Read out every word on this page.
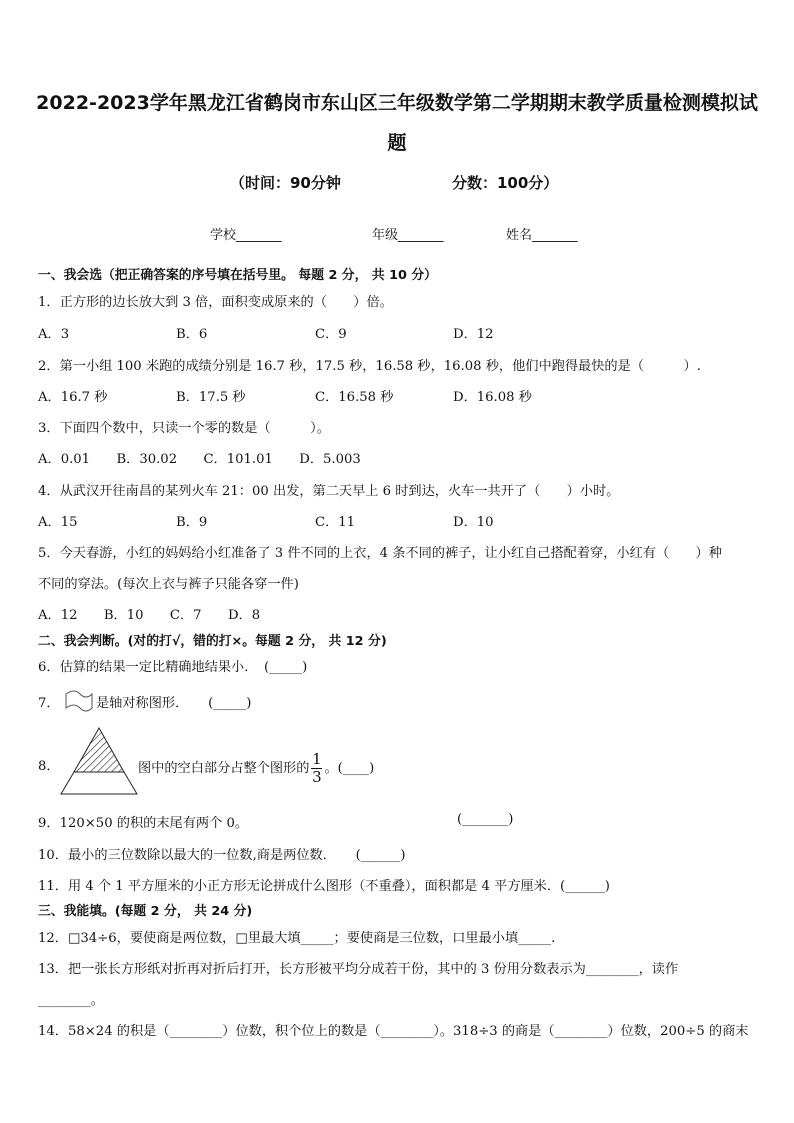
2022-2023学年黑龙江省鹤岗市东山区三年级数学第二学期期末教学质量检测模拟试
题
（时间：90分钟	分数：100分）
学校_______	年级_______	姓名_______
一、我会选（把正确答案的序号填在括号里。 每题 2 分， 共 10 分）
1．正方形的边长放大到 3 倍，面积变成原来的（　　）倍。
A．3	B．6	C．9	D．12
2．第一小组 100 米跑的成绩分别是 16.7 秒，17.5 秒，16.58 秒，16.08 秒，他们中跑得最快的是（　　　）.
A．16.7 秒	B．17.5 秒	C．16.58 秒	D．16.08 秒
3．下面四个数中，只读一个零的数是（　　　）。
A．0.01　　B．30.02　　C．101.01　　D．5.003
4．从武汉开往南昌的某列火车 21：00 出发，第二天早上 6 时到达，火车一共开了（　　）小时。
A．15	B．9	C．11	D．10
5．今天春游，小红的妈妈给小红准备了 3 件不同的上衣，4 条不同的裤子，让小红自己搭配着穿，小红有（　　）种
不同的穿法。(每次上衣与裤子只能各穿一件)
A．12　　B．10　　C．7　　D．8
二、我会判断。(对的打√，错的打×。每题 2 分， 共 12 分)
6．估算的结果一定比精确地结果小．　(_____)
7．	是轴对称图形．　　(_____)
8．	图中的空白部分占整个图形的 $\frac{1}{3}$ 。(____)
9．120×50 的积的末尾有两个 0。	(_______)
10．最小的三位数除以最大的一位数,商是两位数．　　(______)
11．用 4 个 1 平方厘米的小正方形无论拼成什么图形（不重叠），面积都是 4 平方厘米．(______)
三、我能填。(每题 2 分， 共 24 分)
12．□34÷6，要使商是两位数，□里最大填_____；要使商是三位数，口里最小填_____.
13．把一张长方形纸对折再对折后打开，长方形被平均分成若干份，其中的 3 份用分数表示为________，读作
________。
14．58×24 的积是（________）位数，积个位上的数是（________）。318÷3 的商是（________）位数，200÷5 的商末
